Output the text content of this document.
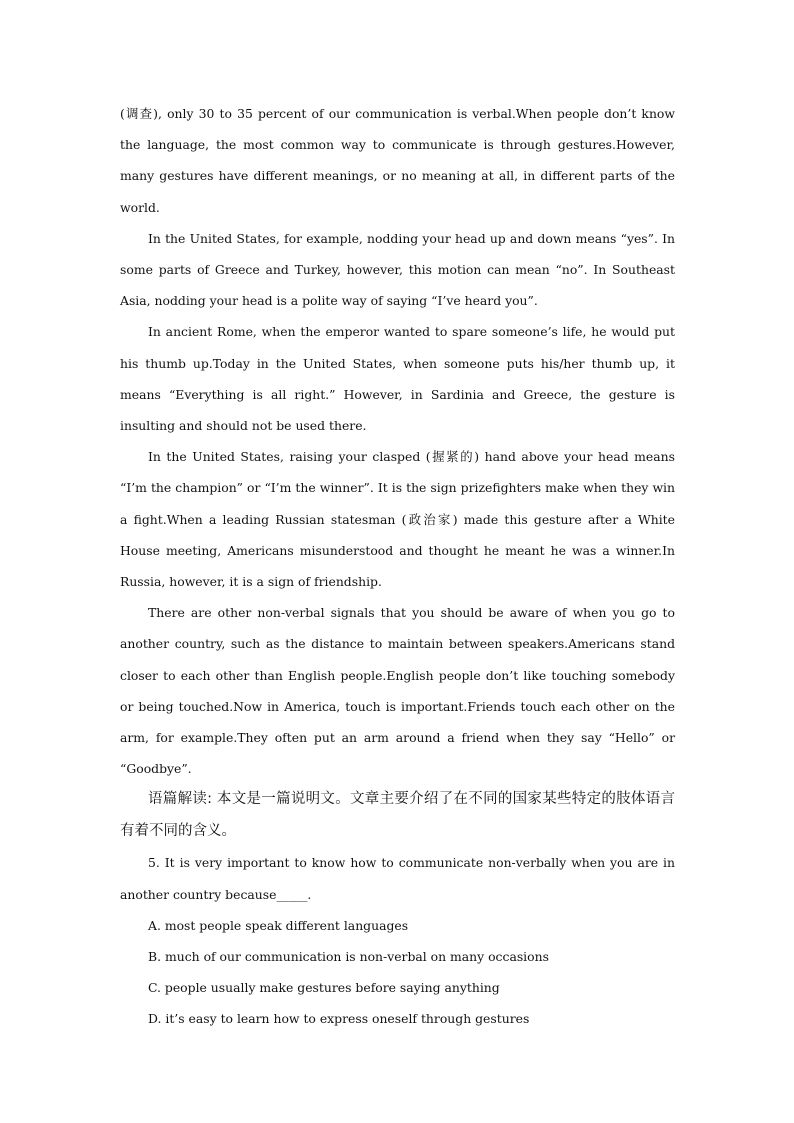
(调查), only 30 to 35 percent of our communication is verbal.When people don’t know the language, the most common way to communicate is through gestures.However, many gestures have different meanings, or no meaning at all, in different parts of the world.

In the United States, for example, nodding your head up and down means “yes”. In some parts of Greece and Turkey, however, this motion can mean “no”. In Southeast Asia, nodding your head is a polite way of saying “I’ve heard you”.

In ancient Rome, when the emperor wanted to spare someone’s life, he would put his thumb up.Today in the United States, when someone puts his/her thumb up, it means “Everything is all right.” However, in Sardinia and Greece, the gesture is insulting and should not be used there.

In the United States, raising your clasped (握紧的) hand above your head means “I’m the champion” or “I’m the winner”. It is the sign prizefighters make when they win a fight.When a leading Russian statesman (政治家) made this gesture after a White House meeting, Americans misunderstood and thought he meant he was a winner.In Russia, however, it is a sign of friendship.

There are other non-verbal signals that you should be aware of when you go to another country, such as the distance to maintain between speakers.Americans stand closer to each other than English people.English people don’t like touching somebody or being touched.Now in America, touch is important.Friends touch each other on the arm, for example.They often put an arm around a friend when they say “Hello” or “Goodbye”.

语篇解读: 本文是一篇说明文。文章主要介绍了在不同的国家某些特定的肢体语言有着不同的含义。

5. It is very important to know how to communicate non-verbally when you are in another country because_____.

A. most people speak different languages

B. much of our communication is non-verbal on many occasions

C. people usually make gestures before saying anything

D. it’s easy to learn how to express oneself through gestures
